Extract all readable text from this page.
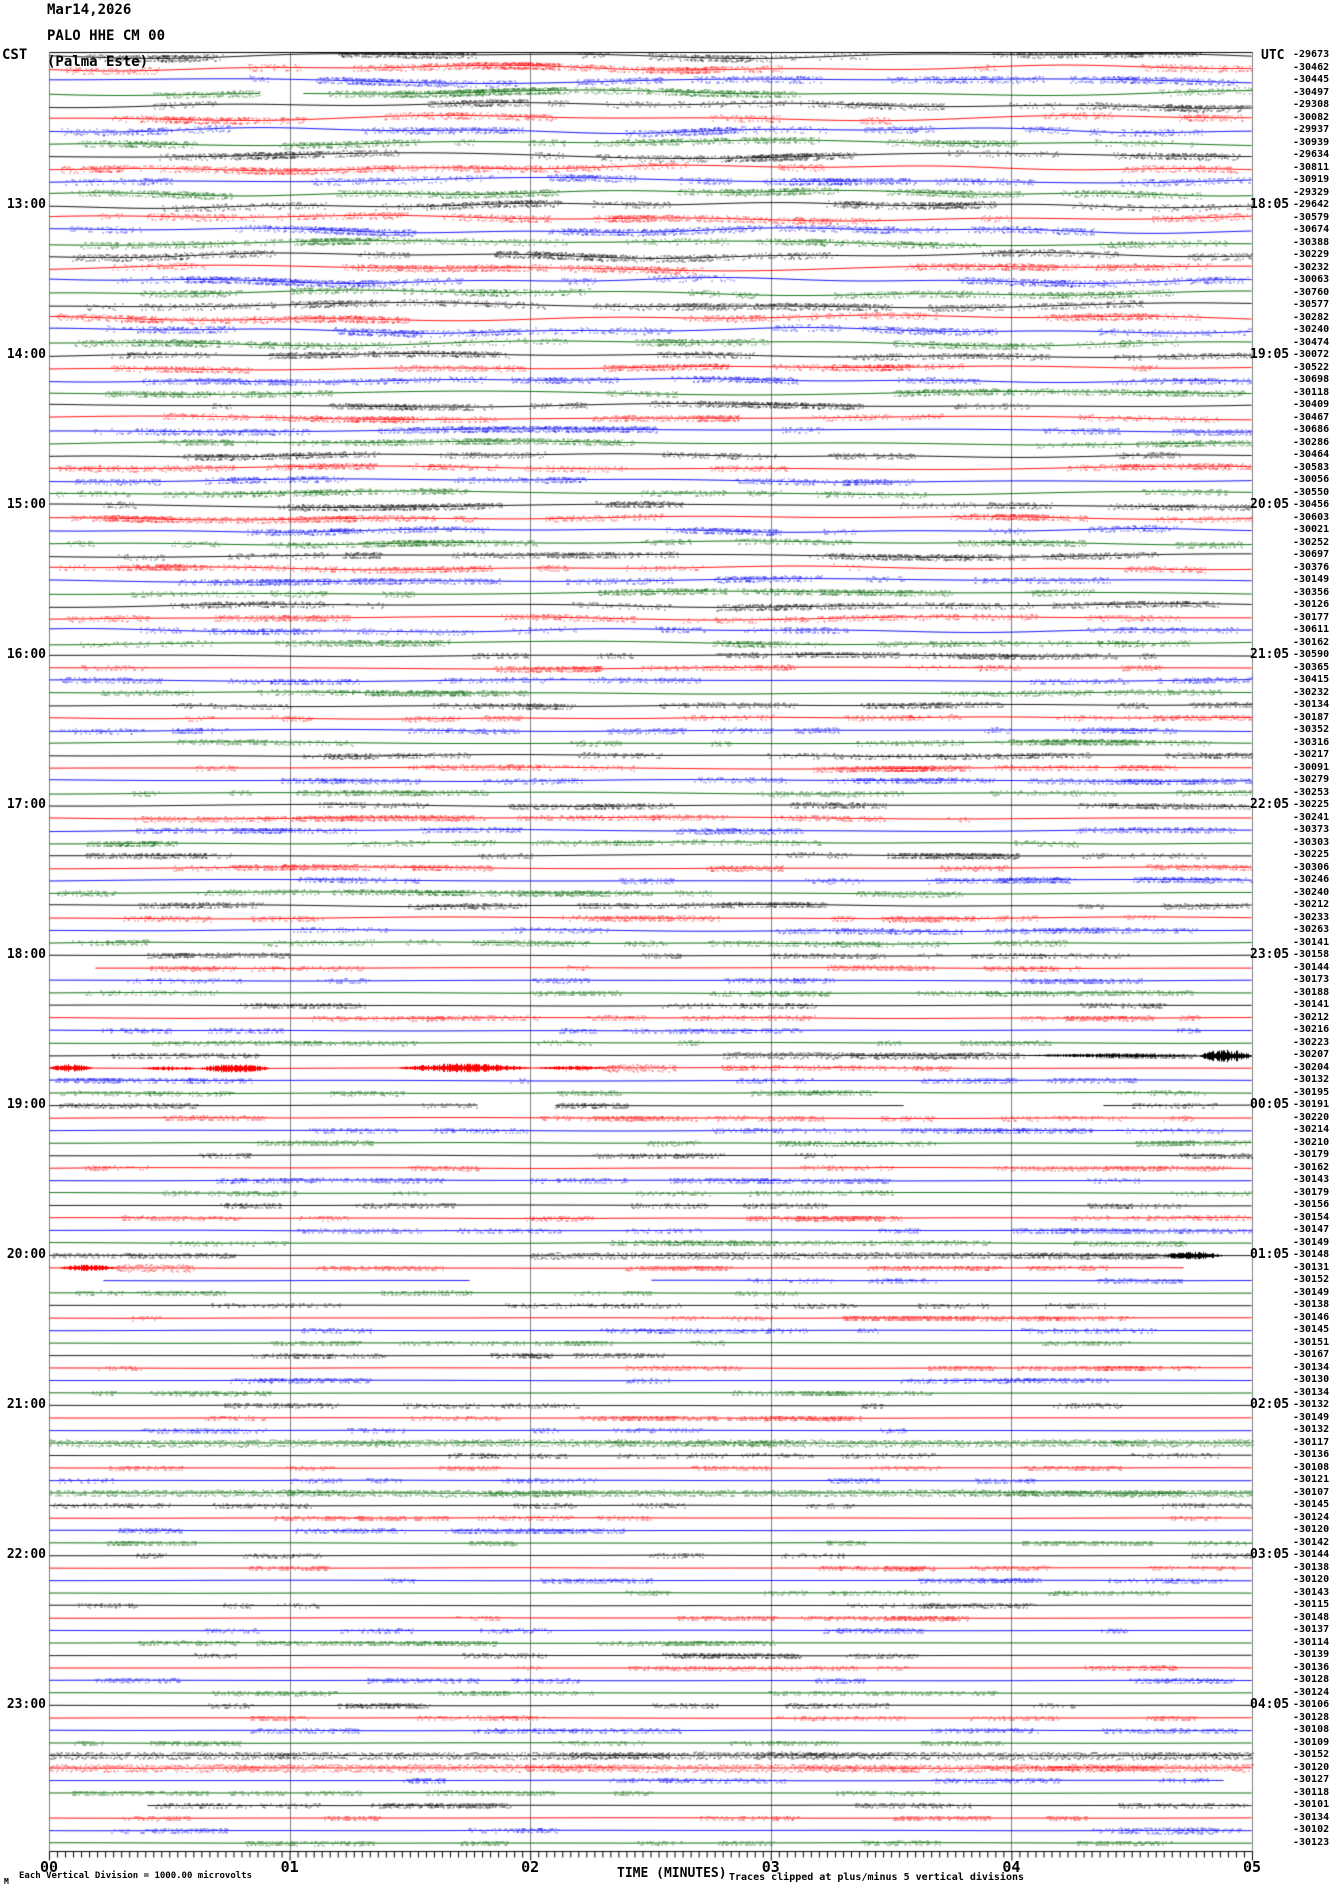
Mar14,2026

PALO HHE CM 00

(Palma Este)
CST	UTC
M
Each Vertical Division = 1000.00 microvolts	TIME (MINUTES) Traces clipped at plus/minus 5 vertical divisions
13:00
14:00
15:00
16:00
17:00
18:00
19:00
20:00
21:00
22:00
23:00
18:05
19:05
20:05
21:05
22:05
23:05
00:05
01:05
02:05
03:05
04:05
-29673
-30462
-30445
-30497
-29308
-30082
-29937
-30939
-29634
-30811
-30919
-29329
-29642
-30579
-30674
-30388
-30229
-30232
-30063
-30760
-30577
-30282
-30240
-30474
-30072
-30522
-30698
-30118
-30409
-30467
-30686
-30286
-30464
-30583
-30056
-30550
-30456
-30603
-30021
-30252
-30697
-30376
-30149
-30356
-30126
-30177
-30611
-30162
-30590
-30365
-30415
-30232
-30134
-30187
-30352
-30316
-30217
-30091
-30279
-30253
-30225
-30241
-30373
-30303
-30225
-30306
-30246
-30240
-30212
-30233
-30263
-30141
-30158
-30144
-30173
-30188
-30141
-30212
-30216
-30223
-30207
-30204
-30132
-30195
-30191
-30220
-30214
-30210
-30179
-30162
-30143
-30179
-30156
-30154
-30147
-30149
-30148
-30131
-30152
-30149
-30138
-30146
-30145
-30151
-30167
-30134
-30130
-30134
-30132
-30149
-30132
-30117
-30136
-30108
-30121
-30107
-30145
-30124
-30120
-30142
-30144
-30138
-30120
-30143
-30115
-30148
-30137
-30114
-30139
-30136
-30128
-30124
-30106
-30128
-30108
-30109
-30152
-30120
-30127
-30118
-30101
-30134
-30102
-30123
00	01	02	03	04	05
